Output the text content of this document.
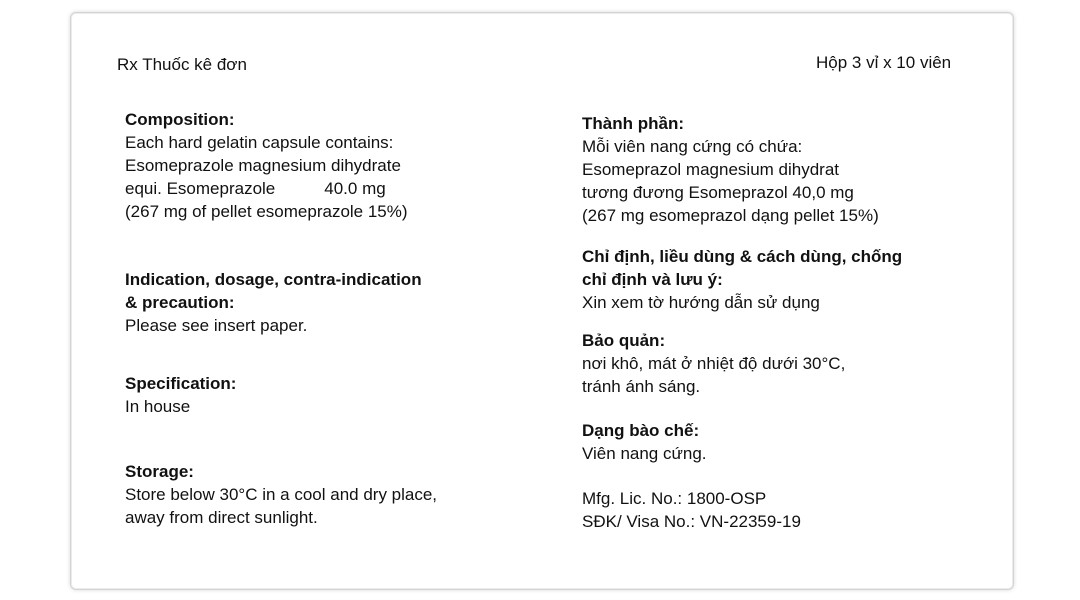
Rx Thuốc kê đơn	Hộp 3 vỉ x 10 viên
Composition:
Each hard gelatin capsule contains:
Esomeprazole magnesium dihydrate
equi. Esomeprazole	40.0 mg
(267 mg of pellet esomeprazole 15%)
Indication, dosage, contra-indication
& precaution:
Please see insert paper.
Specification:
In house
Storage:
Store below 30°C in a cool and dry place,
away from direct sunlight.
Thành phần:
Mỗi viên nang cứng có chứa:
Esomeprazol magnesium dihydrat
tương đương Esomeprazol 40,0 mg
(267 mg esomeprazol dạng pellet 15%)
Chỉ định, liều dùng & cách dùng, chống
chỉ định và lưu ý:
Xin xem tờ hướng dẫn sử dụng
Bảo quản:
nơi khô, mát ở nhiệt độ dưới 30°C,
tránh ánh sáng.
Dạng bào chế:
Viên nang cứng.
Mfg. Lic. No.: 1800-OSP
SĐK/ Visa No.: VN-22359-19
